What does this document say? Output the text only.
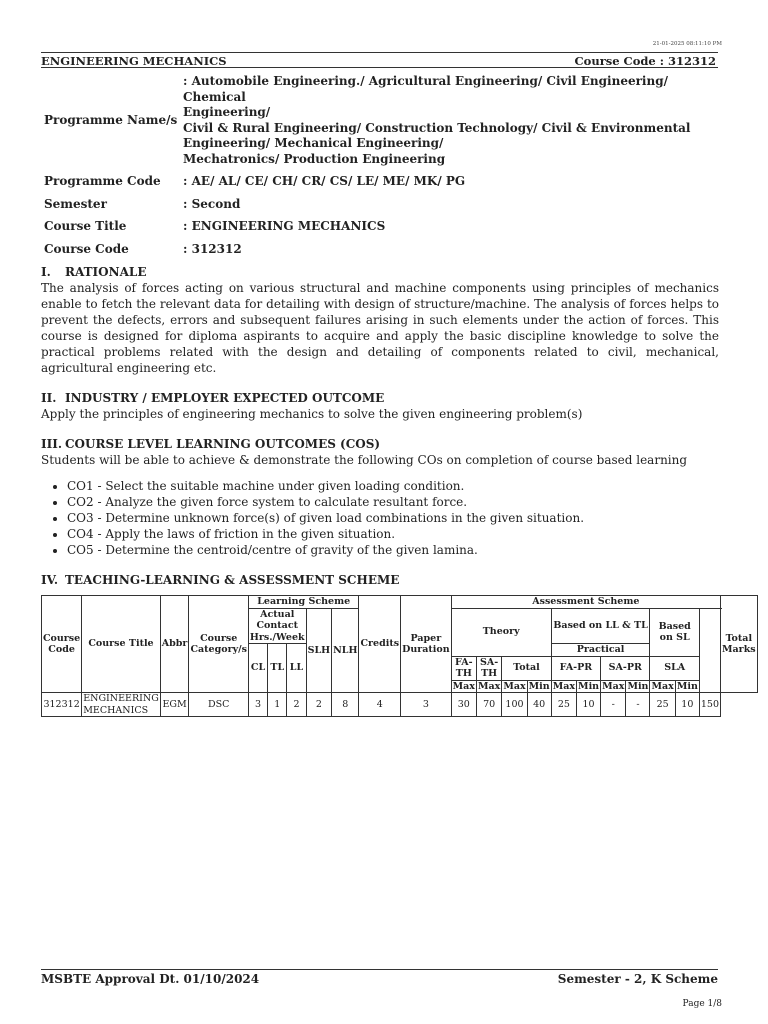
21-01-2025 08:11:10 PM
ENGINEERING MECHANICS	Course Code : 312312
Programme Name/s	: Automobile Engineering./ Agricultural Engineering/ Civil Engineering/ Chemical
Engineering/
Civil & Rural Engineering/ Construction Technology/ Civil & Environmental
Engineering/ Mechanical Engineering/
Mechatronics/ Production Engineering

Programme Code	: AE/ AL/ CE/ CH/ CR/ CS/ LE/ ME/ MK/ PG
Semester	: Second
Course Title	: ENGINEERING MECHANICS
Course Code	: 312312
I. RATIONALE

The analysis of forces acting on various structural and machine components using principles of mechanics enable to fetch the relevant data for detailing with design of structure/machine. The analysis of forces helps to prevent the defects, errors and subsequent failures arising in such elements under the action of forces. This course is designed for diploma aspirants to acquire and apply the basic discipline knowledge to solve the practical problems related with the design and detailing of components related to civil, mechanical, agricultural engineering etc.

II. INDUSTRY / EMPLOYER EXPECTED OUTCOME

Apply the principles of engineering mechanics to solve the given engineering problem(s)

III. COURSE LEVEL LEARNING OUTCOMES (COS)

Students will be able to achieve & demonstrate the following COs on completion of course based learning

• CO1 - Select the suitable machine under given loading condition.
• CO2 - Analyze the given force system to calculate resultant force.
• CO3 - Determine unknown force(s) of given load combinations in the given situation.
• CO4 - Apply the laws of friction in the given situation.
• CO5 - Determine the centroid/centre of gravity of the given lamina.
IV. TEACHING-LEARNING & ASSESSMENT SCHEME
Course Code	Course Title	Abbr	Course Category/s	Learning Scheme					Credits	Paper Duration	Assessment Scheme											Total Marks
				Actual Contact Hrs./Week			SLH	NLH			Theory				Based on LL & TL				Based on SL			
				CL	TL	LL									Practical							
											FA-TH	SA-TH	Total		FA-PR		SA-PR		SLA			
											Max	Max	Max	Min	Max	Min	Max	Min	Max	Min		
312312	ENGINEERING MECHANICS	EGM	DSC	3	1	2	2	8	4	3	30	70	100	40	25	10	-	-	25	10	150	
MSBTE Approval Dt. 01/10/2024	Semester - 2, K Scheme
Page 1/8
